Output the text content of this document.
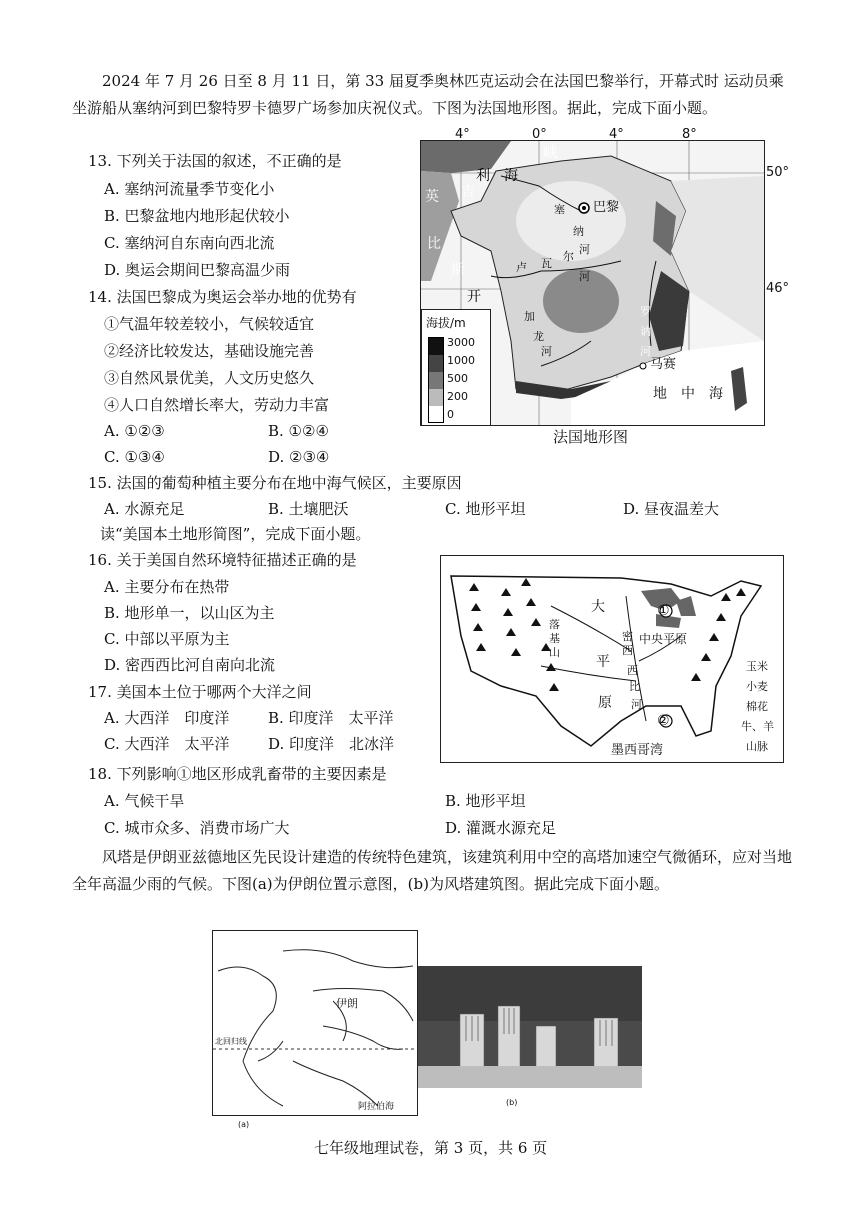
2024 年 7 月 26 日至 8 月 11 日，第 33 届夏季奥林匹克运动会在法国巴黎举行，开幕式时 运动员乘坐游船从塞纳河到巴黎特罗卡德罗广场参加庆祝仪式。下图为法国地形图。据此，完成下面小题。
13. 下列关于法国的叙述，不正确的是
A. 塞纳河流量季节变化小
B. 巴黎盆地内地形起伏较小
C. 塞纳河自东南向西北流
D. 奥运会期间巴黎高温少雨
14. 法国巴黎成为奥运会举办地的优势有
①气温年较差较小，气候较适宜
②经济比较发达，基础设施完善
③自然风景优美，人文历史悠久
④人口自然增长率大，劳动力丰富
A. ①②③	B. ①②④
C. ①③④	D. ②③④
峡
利　海
英 吉
比
斯
开
巴黎
塞
纳
河
卢 瓦
尔
河
加
龙
河
罗
讷
河
马赛
地　中　海
海拔/m
3000
1000
500
200
0
4°	0°	4°	8°
50°
46°
法国地形图
15. 法国的葡萄种植主要分布在地中海气候区，主要原因
A. 水源充足	B. 土壤肥沃	C. 地形平坦	D. 昼夜温差大
读“美国本土地形简图”，完成下面小题。
16. 关于美国自然环境特征描述正确的是
A. 主要分布在热带
B. 地形单一，以山区为主
C. 中部以平原为主
D. 密西西比河自南向北流
17. 美国本土位于哪两个大洋之间
A. 大西洋　印度洋	B. 印度洋　太平洋
C. 大西洋　太平洋	D. 印度洋　北冰洋
①
②
大
平
原
落
基
山
中央平原
密
西
西
比
河
墨西哥湾
玉米
小麦
棉花
牛、羊
山脉
18. 下列影响①地区形成乳畜带的主要因素是
A. 气候干旱	B. 地形平坦
C. 城市众多、消费市场广大	D. 灌溉水源充足
风塔是伊朗亚兹德地区先民设计建造的传统特色建筑，该建筑利用中空的高塔加速空气微循环，应对当地全年高温少雨的气候。下图(a)为伊朗位置示意图，(b)为风塔建筑图。据此完成下面小题。
伊朗
北回归线
阿拉伯海
(a)
(b)
七年级地理试卷，第 3 页，共 6 页
